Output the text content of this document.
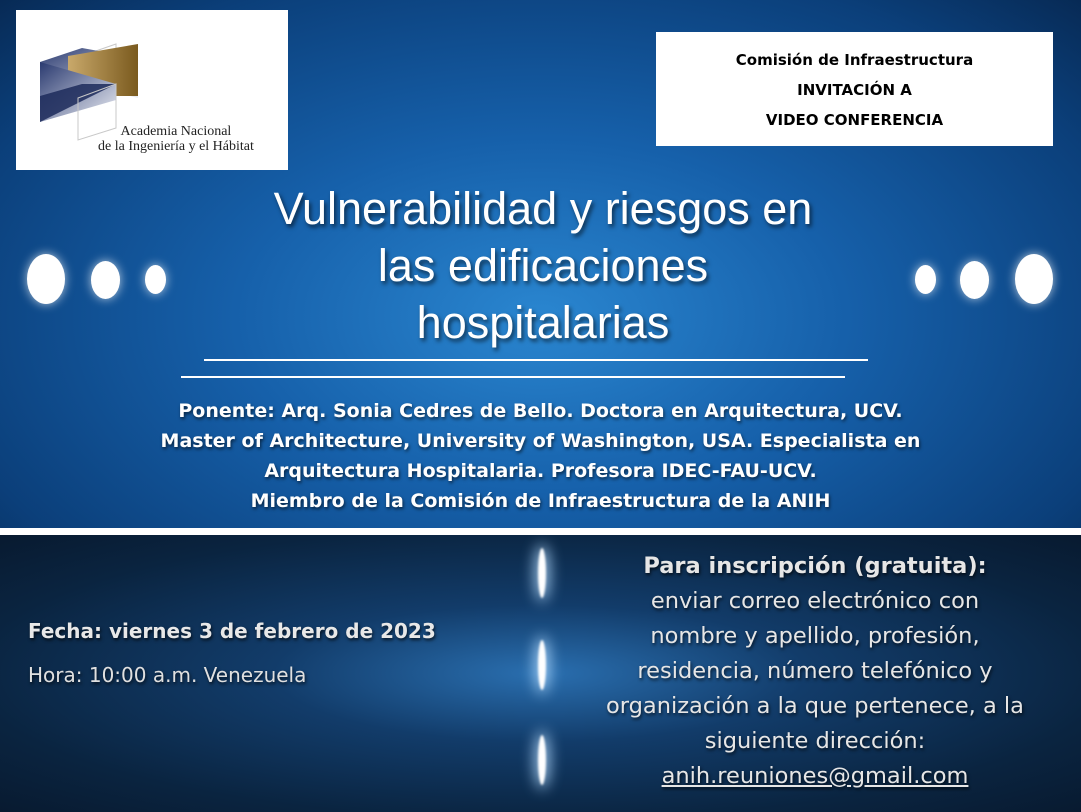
Academia Nacional
de la Ingeniería y el Hábitat
Comisión de Infraestructura
INVITACIÓN A
VIDEO CONFERENCIA
Vulnerabilidad y riesgos en
las edificaciones
hospitalarias
Ponente: Arq. Sonia Cedres de Bello. Doctora en Arquitectura, UCV.
Master of Architecture, University of Washington, USA. Especialista en
Arquitectura Hospitalaria. Profesora IDEC-FAU-UCV.
Miembro de la Comisión de Infraestructura de la ANIH
Fecha: viernes 3 de febrero de 2023
Hora: 10:00 a.m. Venezuela
Para inscripción (gratuita):
enviar correo electrónico con
nombre y apellido, profesión,
residencia, número telefónico y
organización a la que pertenece, a la
siguiente dirección:
anih.reuniones@gmail.com
